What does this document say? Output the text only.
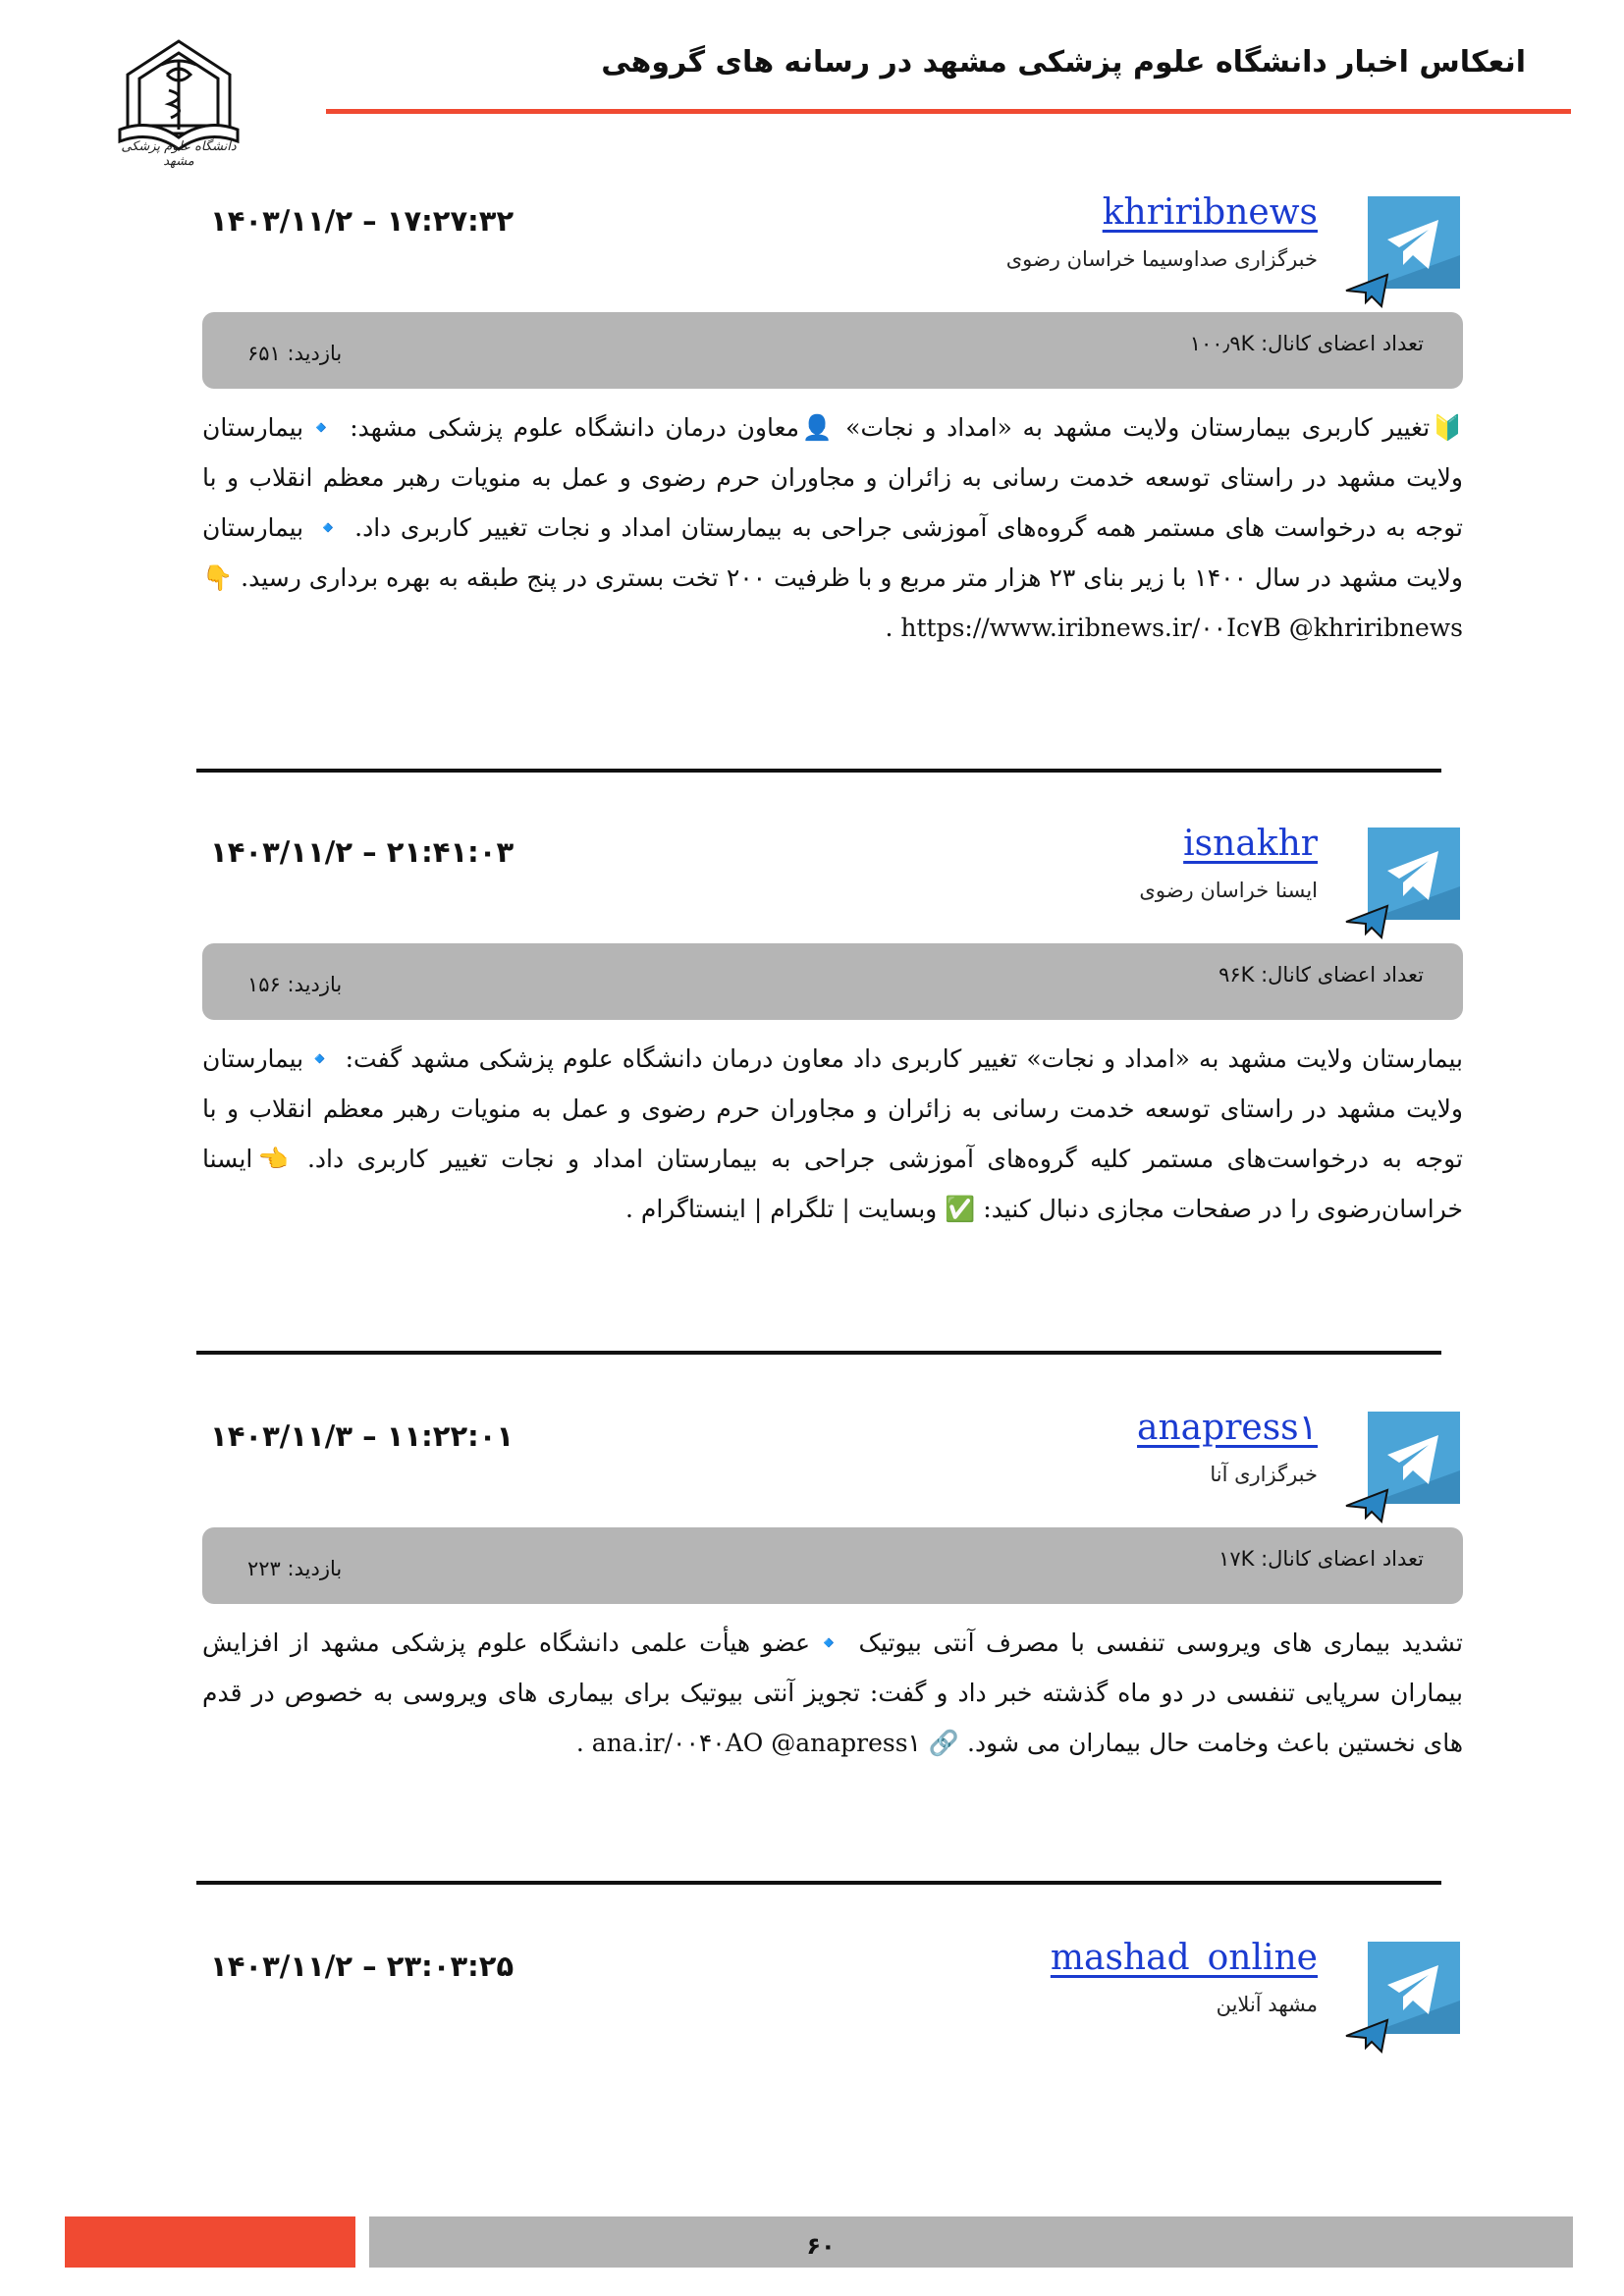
انعکاس اخبار دانشگاه علوم پزشکی مشهد در رسانه های گروهی
دانشگاه علوم پزشکی مشهد
khriribnews
خبرگزاری صداوسیما خراسان رضوی
۱۴۰۳/۱۱/۲ – ۱۷:۲۷:۳۲
تعداد اعضای کانال: ۱۰۰٫۹K
بازدید: ۶۵۱
🔰تغییر کاربری بیمارستان ولایت مشهد به «امداد و نجات» 👤معاون درمان دانشگاه علوم پزشکی مشهد: 🔹بیمارستان ولایت مشهد در راستای توسعه خدمت رسانی به زائران و مجاوران حرم رضوی و عمل به منویات رهبر معظم انقلاب و با توجه به درخواست های مستمر همه گروه‌های آموزشی جراحی به بیمارستان امداد و نجات تغییر کاربری داد. 🔹 بیمارستان ولایت مشهد در سال ۱۴۰۰ با زیر بنای ۲۳ هزار متر مربع و با ظرفیت ۲۰۰ تخت بستری در پنج طبقه به بهره برداری رسید. 👇 https://www.iribnews.ir/۰۰Ic۷B @khriribnews .
isnakhr
ایسنا خراسان رضوی
۱۴۰۳/۱۱/۲ – ۲۱:۴۱:۰۳
تعداد اعضای کانال: ۹۶K
بازدید: ۱۵۶
بیمارستان ولایت مشهد به «امداد و نجات» تغییر کاربری داد معاون درمان دانشگاه علوم پزشکی مشهد گفت: 🔹بیمارستان ولایت مشهد در راستای توسعه خدمت رسانی به زائران و مجاوران حرم رضوی و عمل به منویات رهبر معظم انقلاب و با توجه به درخواست‌های مستمر کلیه گروه‌های آموزشی جراحی به بیمارستان امداد و نجات تغییر کاربری داد. 👈ایسنا خراسان‌رضوی را در صفحات مجازی دنبال کنید: ✅ وبسایت | تلگرام | اینستاگرام .
anapress۱
خبرگزاری آنا
۱۴۰۳/۱۱/۳ – ۱۱:۲۲:۰۱
تعداد اعضای کانال: ۱۷K
بازدید: ۲۲۳
تشدید بیماری های ویروسی تنفسی با مصرف آنتی بیوتیک 🔹عضو هیأت علمی دانشگاه علوم پزشکی مشهد از افزایش بیماران سرپایی تنفسی در دو ماه گذشته خبر داد و گفت: تجویز آنتی بیوتیک برای بیماری های ویروسی به خصوص در قدم های نخستین باعث وخامت حال بیماران می شود. 🔗 ana.ir/۰۰۴۰AO @anapress۱ .
mashad_online
مشهد آنلاین
۱۴۰۳/۱۱/۲ – ۲۳:۰۳:۲۵
۶۰
